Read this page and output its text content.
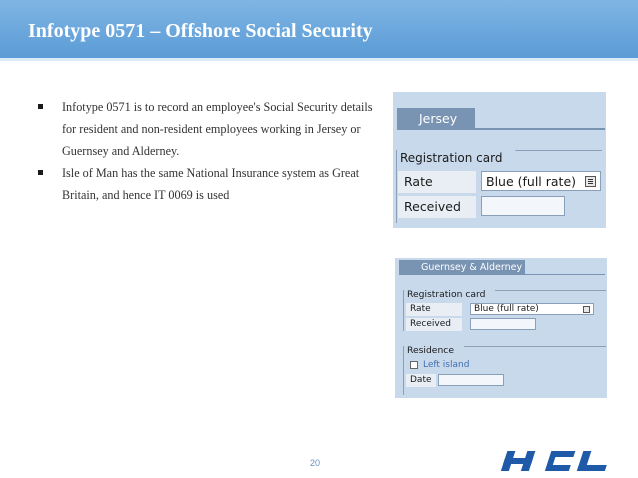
Infotype 0571 – Offshore Social Security
Infotype 0571 is to record an employee's Social Security details for resident and non-resident employees working in Jersey or Guernsey and Alderney.
Isle of Man has the same National Insurance system as Great Britain, and hence IT 0069 is used
Jersey
Registration card
Rate	Blue (full rate)
Received
Guernsey & Alderney
Registration card
Rate	Blue (full rate)
Received
Residence
Left island
Date
20
